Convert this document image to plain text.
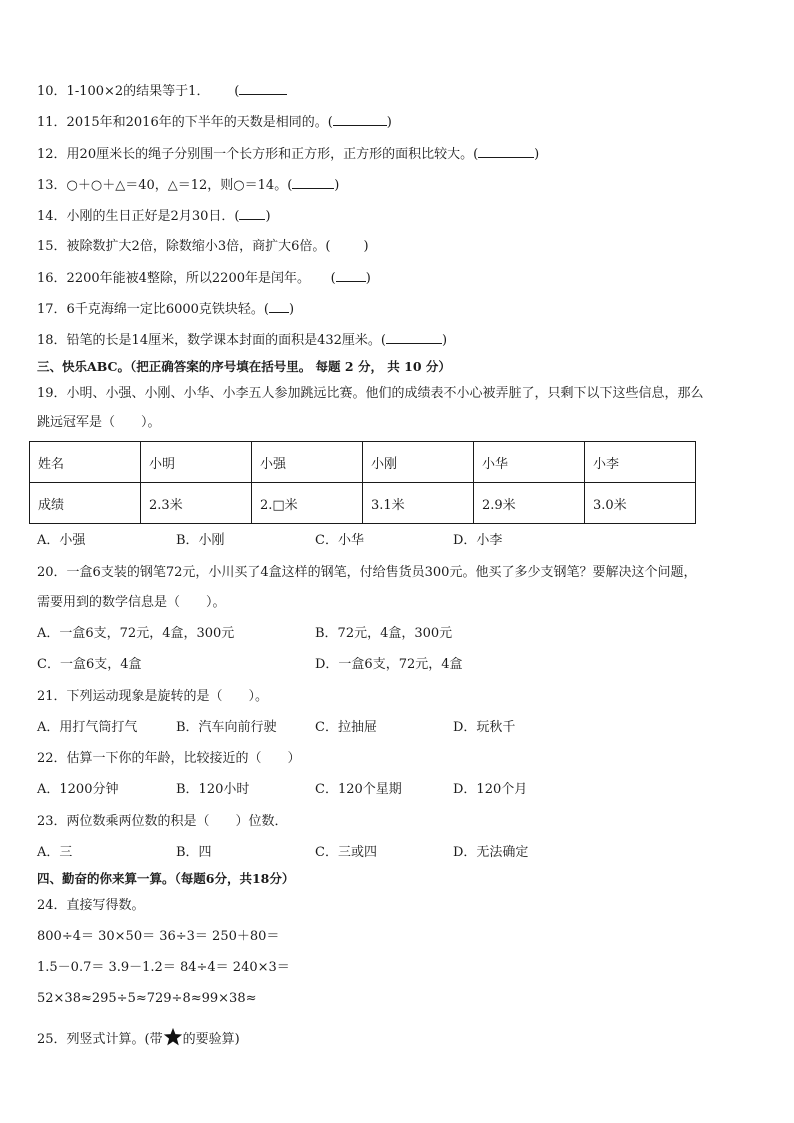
10．1-100×2的结果等于1． (
11．2015年和2016年的下半年的天数是相同的。(	)
12．用20厘米长的绳子分别围一个长方形和正方形，正方形的面积比较大。(	)
13．○＋○＋△＝40，△＝12，则○＝14。(	)
14．小刚的生日正好是2月30日．( )
15．被除数扩大2倍，除数缩小3倍，商扩大6倍。(        )
16．2200年能被4整除，所以2200年是闰年。 ( )
17．6千克海绵一定比6000克铁块轻。( )
18．铅笔的长是14厘米，数学课本封面的面积是432厘米。(	)
三、快乐ABC。（把正确答案的序号填在括号里。 每题 2 分， 共 10 分）
19．小明、小强、小刚、小华、小李五人参加跳远比赛。他们的成绩表不小心被弄脏了，只剩下以下这些信息，那么
跳远冠军是（　　）。
姓名	小明	小强	小刚	小华	小李
成绩	2.3米	2.□米	3.1米	2.9米	3.0米
A．小强	B．小刚	C．小华	D．小李
20．一盒6支装的钢笔72元，小川买了4盒这样的钢笔，付给售货员300元。他买了多少支钢笔？要解决这个问题，
需要用到的数学信息是（　　）。
A．一盒6支，72元，4盒，300元	B．72元，4盒，300元
C．一盒6支，4盒	D．一盒6支，72元，4盒
21．下列运动现象是旋转的是（　　）。
A．用打气筒打气	B．汽车向前行驶	C．拉抽屉	D．玩秋千
22．估算一下你的年龄，比较接近的（　　）
A．1200分钟	B．120小时	C．120个星期	D．120个月
23．两位数乘两位数的积是（　　）位数．
A．三	B．四	C．三或四	D．无法确定
四、勤奋的你来算一算。（每题6分，共18分）
24．直接写得数。
800÷4＝ 30×50＝ 36÷3＝ 250＋80＝
1.5－0.7＝ 3.9－1.2＝ 84÷4＝ 240×3＝
52×38≈295÷5≈729÷8≈99×38≈
25．列竖式计算。(带 的要验算)
